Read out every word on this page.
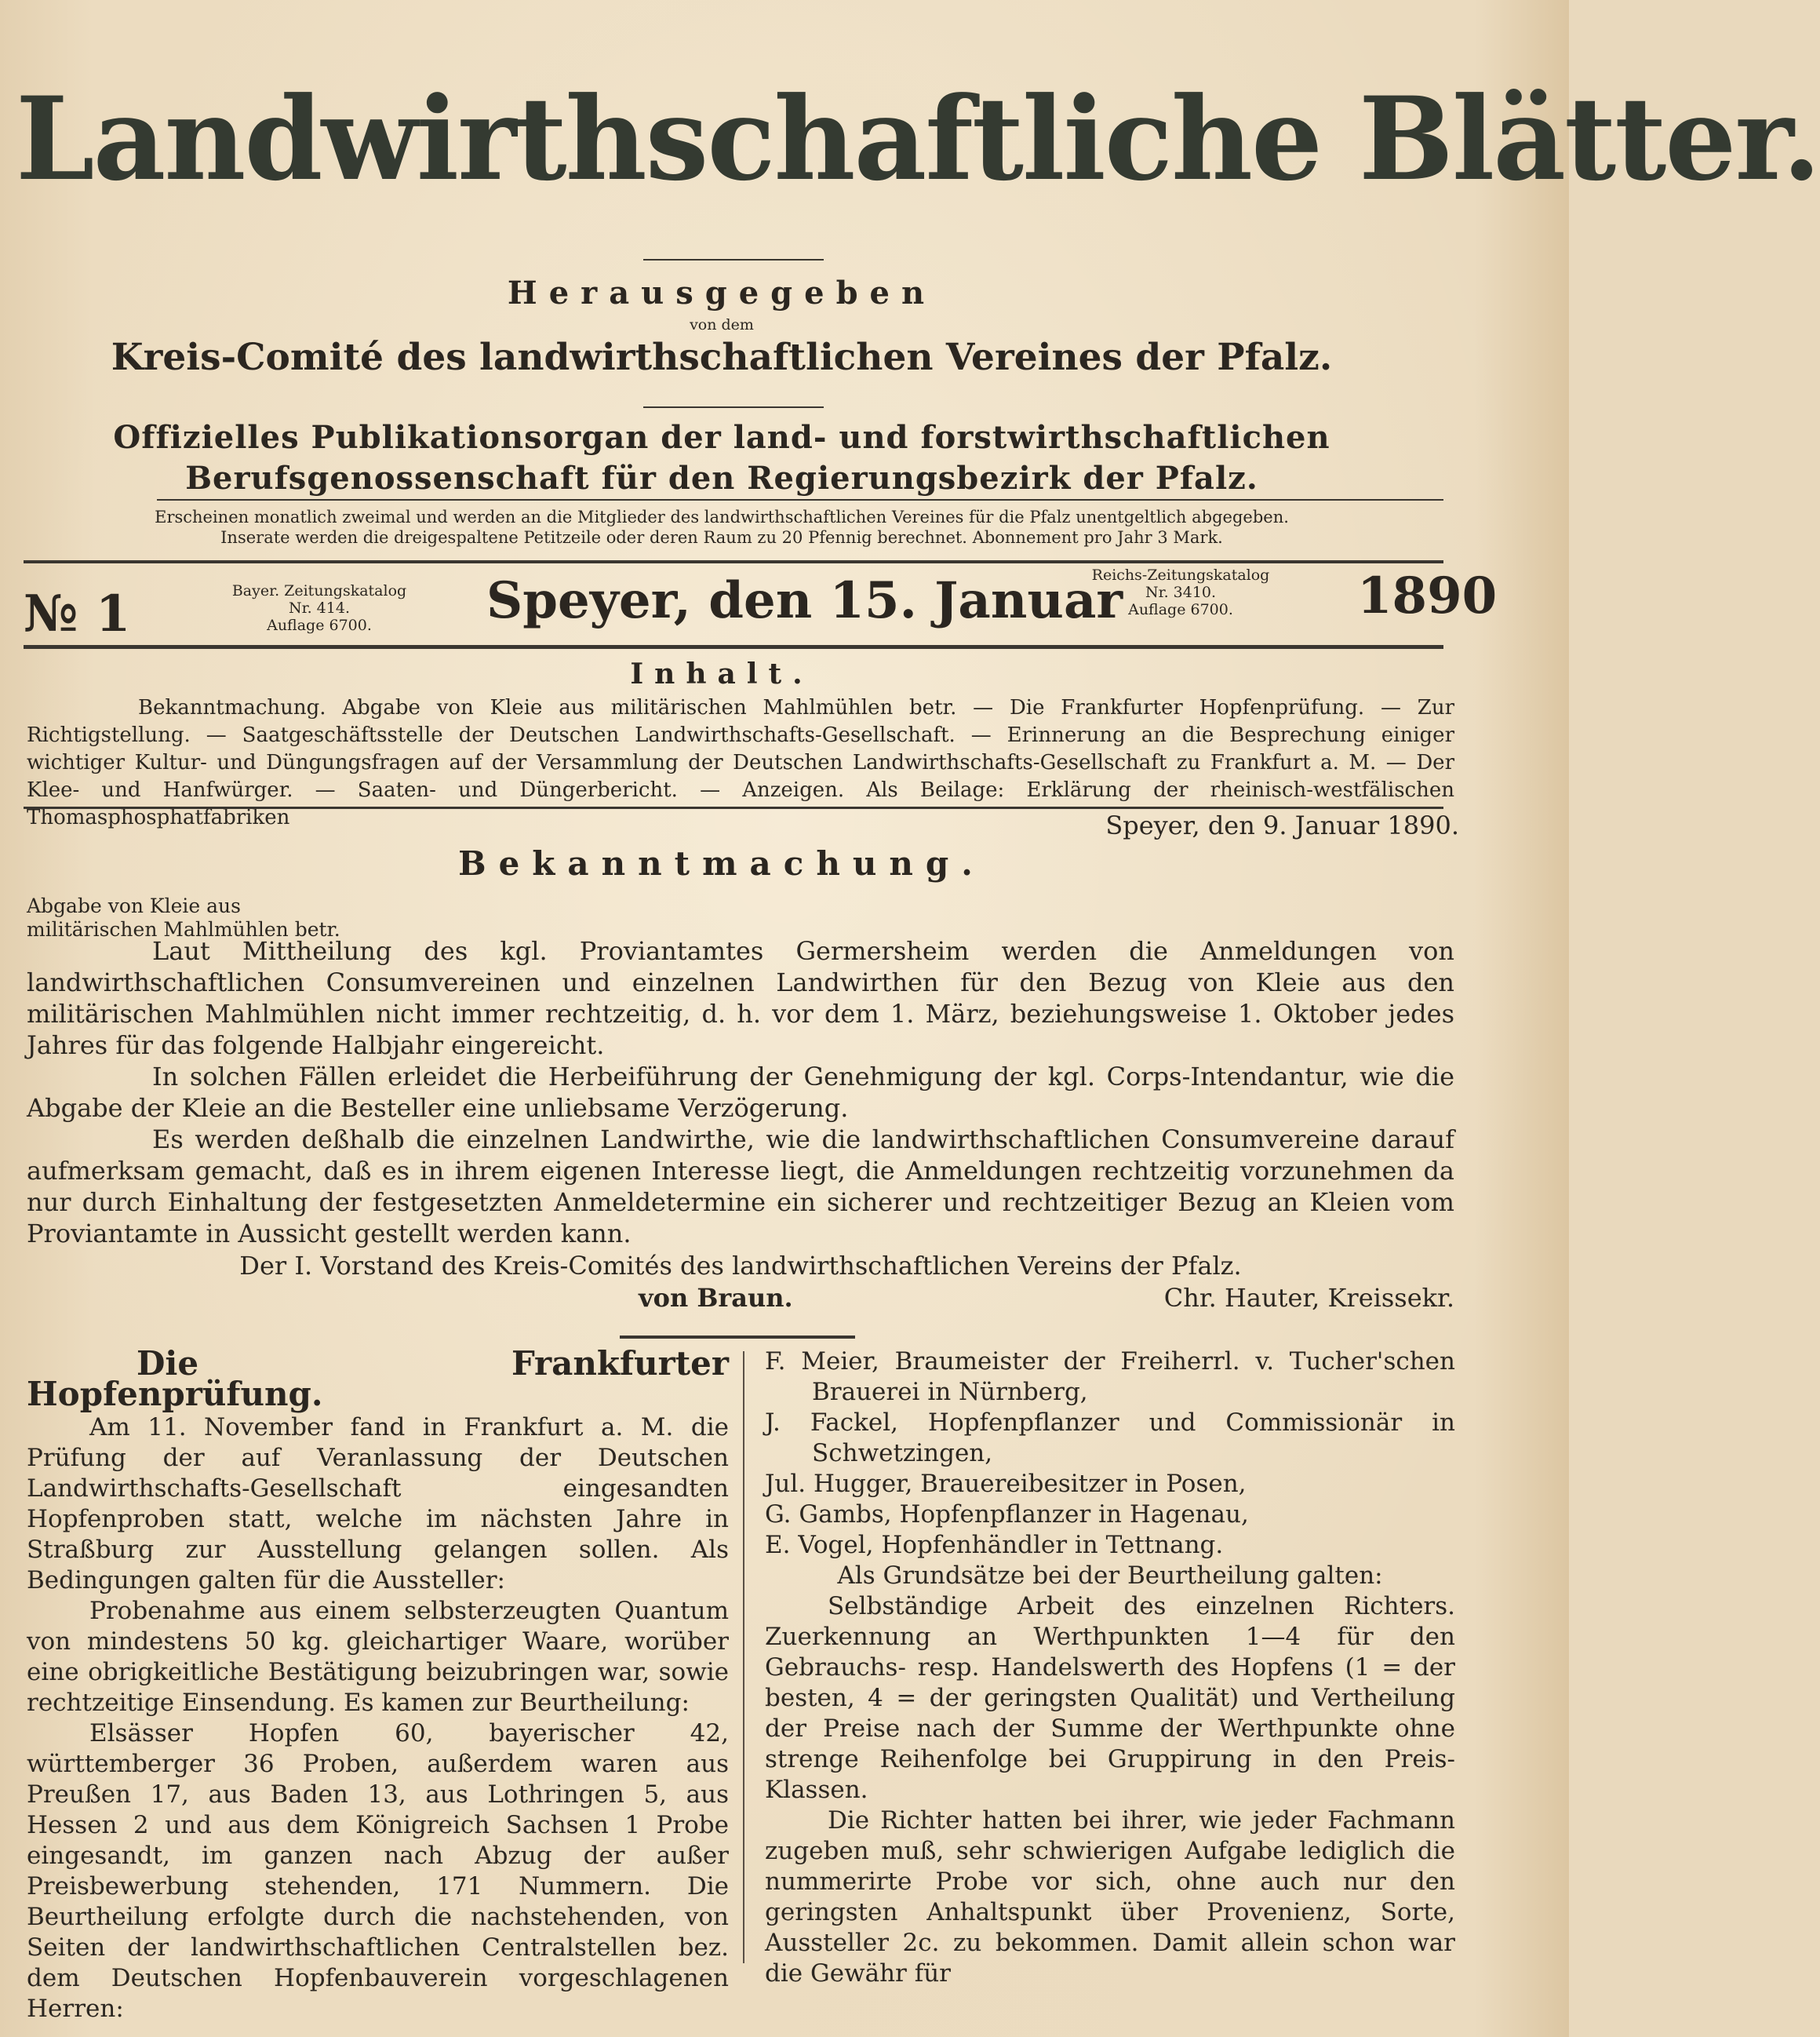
Landwirthschaftliche Blätter.
Herausgegeben
von dem
Kreis-Comité des landwirthschaftlichen Vereines der Pfalz.
Offizielles Publikationsorgan der land- und forstwirthschaftlichen
Berufsgenossenschaft für den Regierungsbezirk der Pfalz.
Erscheinen monatlich zweimal und werden an die Mitglieder des landwirthschaftlichen Vereines für die Pfalz unentgeltlich abgegeben.
Inserate werden die dreigespaltene Petitzeile oder deren Raum zu 20 Pfennig berechnet. Abonnement pro Jahr 3 Mark.
№ 1	Bayer. Zeitungskatalog
Nr. 414.
Auflage 6700.	Speyer, den 15. Januar
Reichs-Zeitungskatalog
Nr. 3410.
Auflage 6700.	1890
Inhalt.
Bekanntmachung. Abgabe von Kleie aus militärischen Mahlmühlen betr. — Die Frankfurter Hopfenprüfung. — Zur Richtigstellung. — Saatgeschäftsstelle der Deutschen Landwirthschafts-Gesellschaft. — Erinnerung an die Besprechung einiger wichtiger Kultur- und Düngungsfragen auf der Versammlung der Deutschen Landwirthschafts-Gesellschaft zu Frankfurt a. M. — Der Klee- und Hanfwürger. — Saaten- und Düngerbericht. — Anzeigen. Als Beilage: Erklärung der rheinisch-westfälischen Thomasphosphatfabriken	Speyer, den 9. Januar 1890.
Bekanntmachung.
Abgabe von Kleie aus militärischen Mahlmühlen betr.

Laut Mittheilung des kgl. Proviantamtes Germersheim werden die Anmeldungen von landwirthschaftlichen Consumvereinen und einzelnen Landwirthen für den Bezug von Kleie aus den militärischen Mahlmühlen nicht immer rechtzeitig, d. h. vor dem 1. März, beziehungsweise 1. Oktober jedes Jahres für das folgende Halbjahr eingereicht.

In solchen Fällen erleidet die Herbeiführung der Genehmigung der kgl. Corps-Intendantur, wie die Abgabe der Kleie an die Besteller eine unliebsame Verzögerung.

Es werden deßhalb die einzelnen Landwirthe, wie die landwirthschaftlichen Consumvereine darauf aufmerksam gemacht, daß es in ihrem eigenen Interesse liegt, die Anmeldungen rechtzeitig vorzunehmen da nur durch Einhaltung der festgesetzten Anmeldetermine ein sicherer und rechtzeitiger Bezug an Kleien vom Proviantamte in Aussicht gestellt werden kann.

Der I. Vorstand des Kreis-Comités des landwirthschaftlichen Vereins der Pfalz.
von Braun.	Chr. Hauter, Kreissekr.
Die Frankfurter Hopfenprüfung.

Am 11. November fand in Frankfurt a. M. die Prüfung der auf Veranlassung der Deutschen Landwirthschafts-Gesellschaft eingesandten Hopfenproben statt, welche im nächsten Jahre in Straßburg zur Ausstellung gelangen sollen. Als Bedingungen galten für die Aussteller:

Probenahme aus einem selbsterzeugten Quantum von mindestens 50 kg. gleichartiger Waare, worüber eine obrigkeitliche Bestätigung beizubringen war, sowie rechtzeitige Einsendung. Es kamen zur Beurtheilung:

Elsässer Hopfen 60, bayerischer 42, württemberger 36 Proben, außerdem waren aus Preußen 17, aus Baden 13, aus Lothringen 5, aus Hessen 2 und aus dem Königreich Sachsen 1 Probe eingesandt, im ganzen nach Abzug der außer Preisbewerbung stehenden, 171 Nummern. Die Beurtheilung erfolgte durch die nachstehenden, von Seiten der landwirthschaftlichen Centralstellen bez. dem Deutschen Hopfenbauverein vorgeschlagenen Herren:

F. Meier, Braumeister der Freiherrl. v. Tucher'schen Brauerei in Nürnberg,

J. Fackel, Hopfenpflanzer und Commissionär in Schwetzingen,

Jul. Hugger, Brauereibesitzer in Posen,

G. Gambs, Hopfenpflanzer in Hagenau,

E. Vogel, Hopfenhändler in Tettnang.

Als Grundsätze bei der Beurtheilung galten:

Selbständige Arbeit des einzelnen Richters. Zuerkennung an Werthpunkten 1—4 für den Gebrauchs- resp. Handelswerth des Hopfens (1 = der besten, 4 = der geringsten Qualität) und Vertheilung der Preise nach der Summe der Werthpunkte ohne strenge Reihenfolge bei Gruppirung in den Preis-Klassen.

Die Richter hatten bei ihrer, wie jeder Fachmann zugeben muß, sehr schwierigen Aufgabe lediglich die nummerirte Probe vor sich, ohne auch nur den geringsten Anhaltspunkt über Provenienz, Sorte, Aussteller 2c. zu bekommen. Damit allein schon war die Gewähr für
